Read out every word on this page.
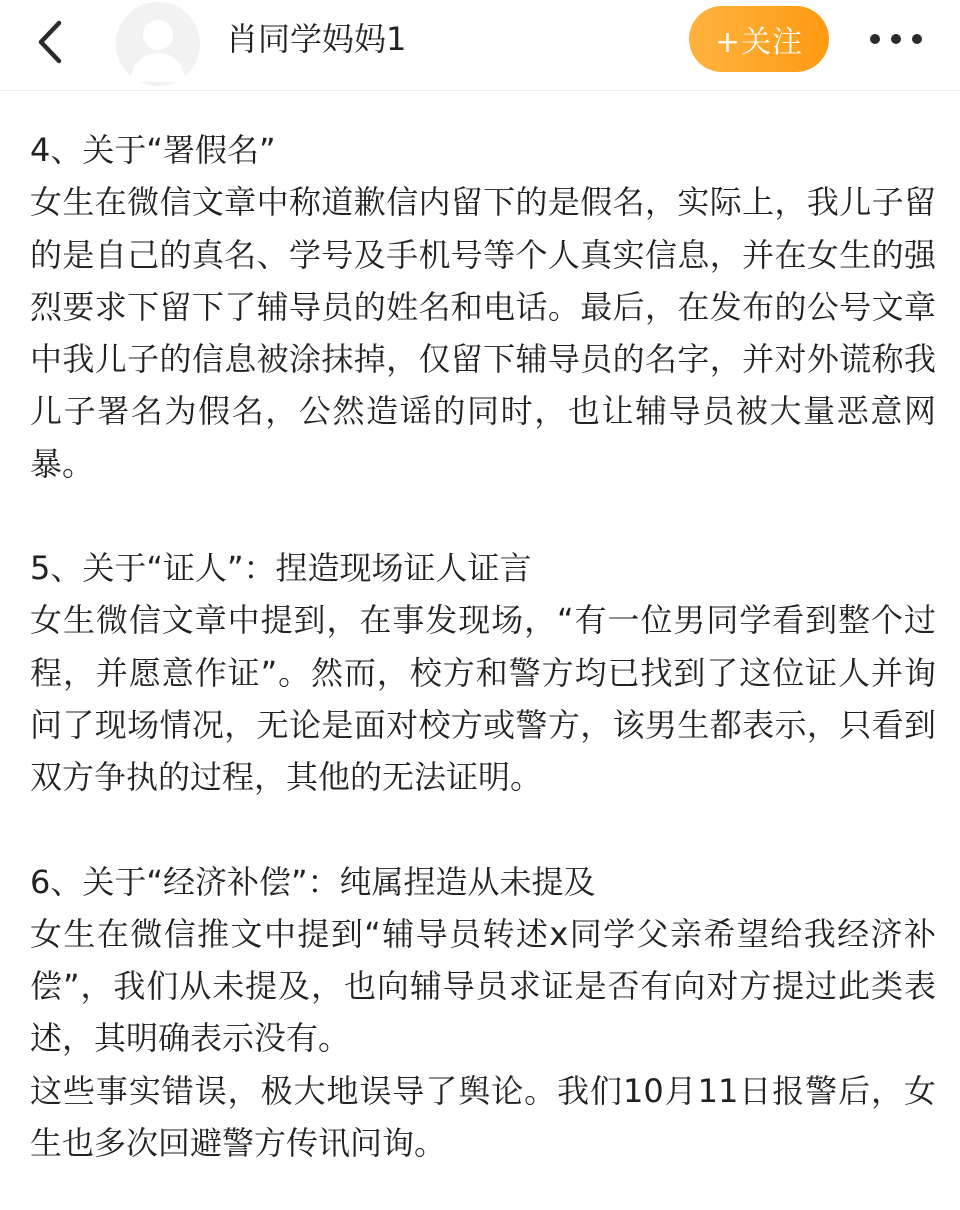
肖同学妈妈1	+关注

4、关于“署假名”

女生在微信文章中称道歉信内留下的是假名，实际上，我儿子留的是自己的真名、学号及手机号等个人真实信息，并在女生的强烈要求下留下了辅导员的姓名和电话。最后，在发布的公号文章中我儿子的信息被涂抹掉，仅留下辅导员的名字，并对外谎称我儿子署名为假名，公然造谣的同时，也让辅导员被大量恶意网暴。

5、关于“证人”：捏造现场证人证言

女生微信文章中提到，在事发现场，“有一位男同学看到整个过程，并愿意作证”。然而，校方和警方均已找到了这位证人并询问了现场情况，无论是面对校方或警方，该男生都表示，只看到双方争执的过程，其他的无法证明。

6、关于“经济补偿”：纯属捏造从未提及

女生在微信推文中提到“辅导员转述x同学父亲希望给我经济补偿”，我们从未提及，也向辅导员求证是否有向对方提过此类表述，其明确表示没有。

这些事实错误，极大地误导了舆论。我们10月11日报警后，女生也多次回避警方传讯问询。
